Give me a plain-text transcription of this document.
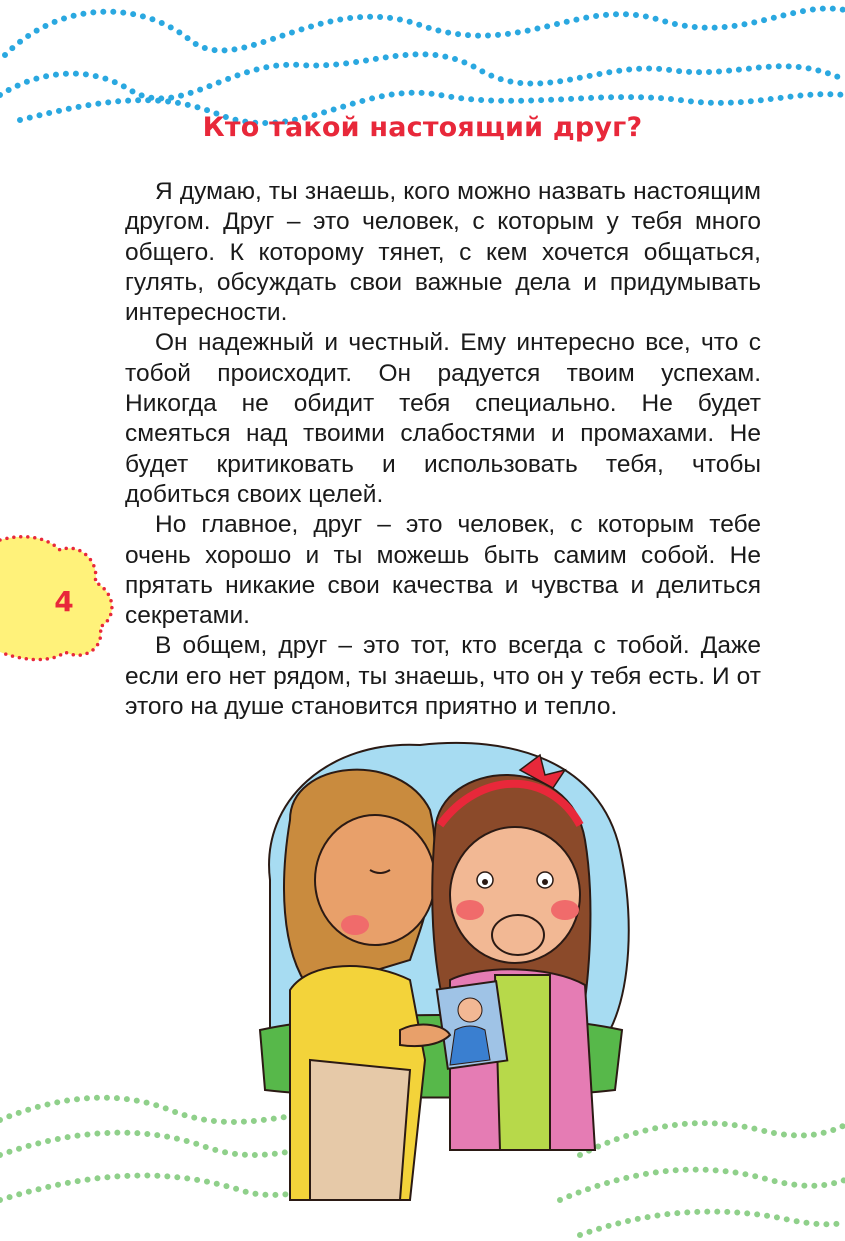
Кто такой настоящий друг?

Я думаю, ты знаешь, кого можно назвать настоящим другом. Друг – это человек, с которым у тебя много общего. К которому тянет, с кем хочется общаться, гулять, обсуждать свои важные дела и придумывать интересности.

Он надежный и честный. Ему интересно все, что с тобой происходит. Он радуется твоим успехам. Никогда не обидит тебя специально. Не будет смеяться над твоими слабостями и промахами. Не будет критиковать и использовать тебя, чтобы добиться своих целей.

Но главное, друг – это человек, с которым тебе очень хорошо и ты можешь быть самим собой. Не прятать никакие свои качества и чувства и делиться секретами.

В общем, друг – это тот, кто всегда с тобой. Даже если его нет рядом, ты знаешь, что он у тебя есть. И от этого на душе становится приятно и тепло.

4
